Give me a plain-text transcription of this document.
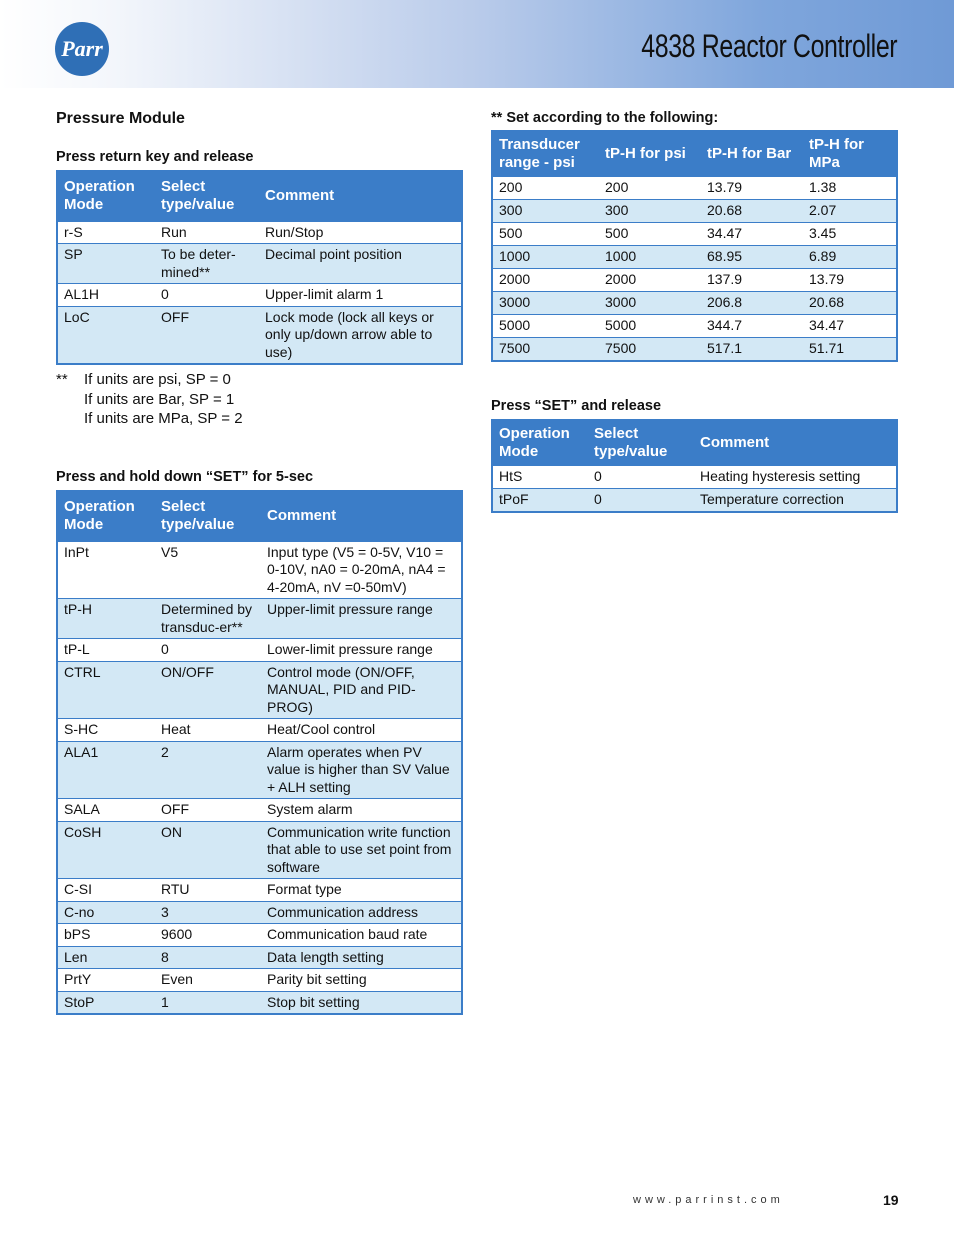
Parr	4838 Reactor Controller
Pressure Module
Press return key and release
Operation Mode	Select type/value	Comment
r-S	Run	Run/Stop
SP	To be deter-mined**	Decimal point position
AL1H	0	Upper-limit alarm 1
LoC	OFF	Lock mode (lock all keys or only up/down arrow able to use)
** If units are psi, SP = 0
If units are Bar, SP = 1
If units are MPa, SP = 2
Press and hold down “SET” for 5-sec
Operation Mode	Select type/value	Comment
InPt	V5	Input type (V5 = 0-5V, V10 = 0-10V, nA0 = 0-20mA, nA4 = 4-20mA, nV =0-50mV)
tP-H	Determined by transduc-er**	Upper-limit pressure range
tP-L	0	Lower-limit pressure range
CTRL	ON/OFF	Control mode (ON/OFF, MANUAL, PID and PID-PROG)
S-HC	Heat	Heat/Cool control
ALA1	2	Alarm operates when PV value is higher than SV Value + ALH setting
SALA	OFF	System alarm
CoSH	ON	Communication write function that able to use set point from software
C-SI	RTU	Format type
C-no	3	Communication address
bPS	9600	Communication baud rate
Len	8	Data length setting
PrtY	Even	Parity bit setting
StoP	1	Stop bit setting
** Set according to the following:
Transducer range - psi	tP-H for psi	tP-H for Bar	tP-H for MPa
200	200	13.79	1.38
300	300	20.68	2.07
500	500	34.47	3.45
1000	1000	68.95	6.89
2000	2000	137.9	13.79
3000	3000	206.8	20.68
5000	5000	344.7	34.47
7500	7500	517.1	51.71
Press “SET” and release
Operation Mode	Select type/value	Comment
HtS	0	Heating hysteresis setting
tPoF	0	Temperature correction
www.parrinst.com	19
